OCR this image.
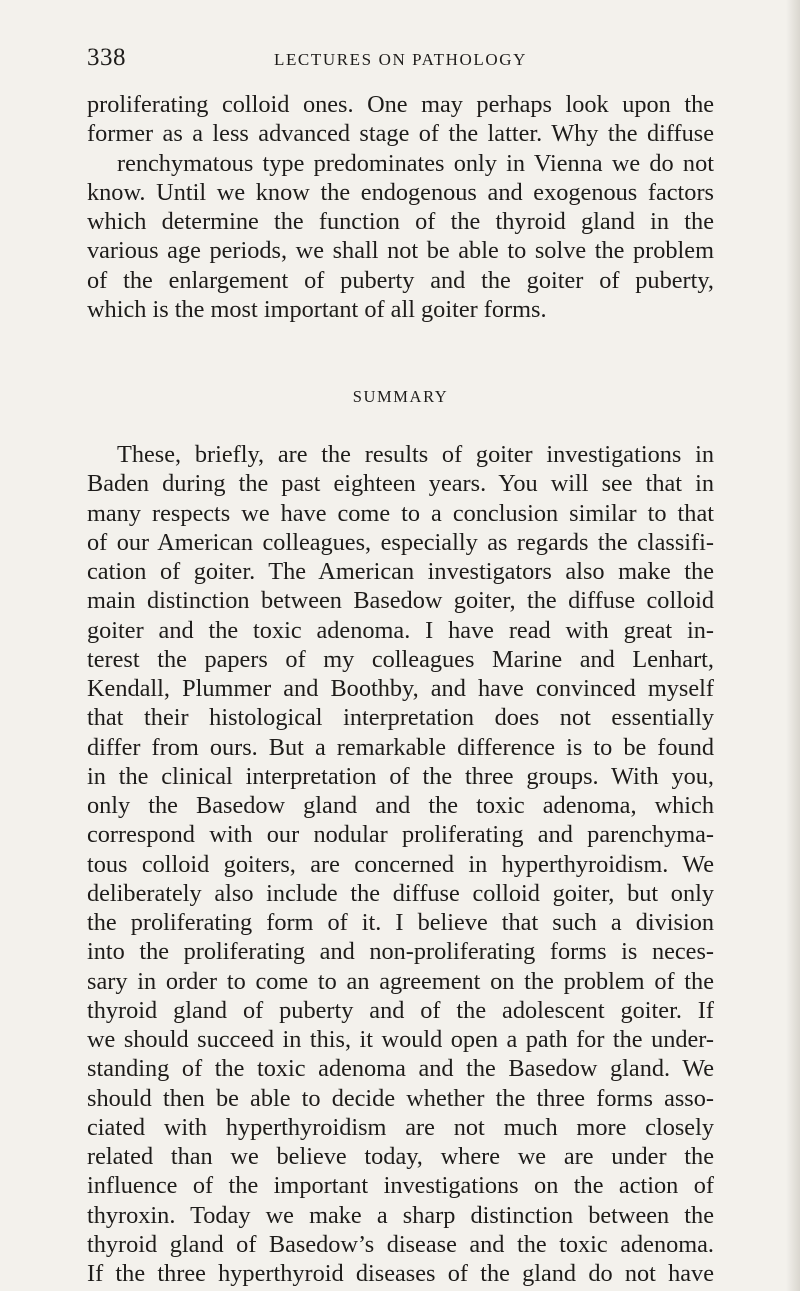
338	LECTURES ON PATHOLOGY
proliferating colloid ones. One may perhaps look upon the
former as a less advanced stage of the latter. Why the diffuse
renchymatous type predominates only in Vienna we do not
know. Until we know the endogenous and exogenous factors
which determine the function of the thyroid gland in the
various age periods, we shall not be able to solve the problem
of the enlargement of puberty and the goiter of puberty,
which is the most important of all goiter forms.
SUMMARY
These, briefly, are the results of goiter investigations in
Baden during the past eighteen years. You will see that in
many respects we have come to a conclusion similar to that
of our American colleagues, especially as regards the classifi-
cation of goiter. The American investigators also make the
main distinction between Basedow goiter, the diffuse colloid
goiter and the toxic adenoma. I have read with great in-
terest the papers of my colleagues Marine and Lenhart,
Kendall, Plummer and Boothby, and have convinced myself
that their histological interpretation does not essentially
differ from ours. But a remarkable difference is to be found
in the clinical interpretation of the three groups. With you,
only the Basedow gland and the toxic adenoma, which
correspond with our nodular proliferating and parenchyma-
tous colloid goiters, are concerned in hyperthyroidism. We
deliberately also include the diffuse colloid goiter, but only
the proliferating form of it. I believe that such a division
into the proliferating and non-proliferating forms is neces-
sary in order to come to an agreement on the problem of the
thyroid gland of puberty and of the adolescent goiter. If
we should succeed in this, it would open a path for the under-
standing of the toxic adenoma and the Basedow gland. We
should then be able to decide whether the three forms asso-
ciated with hyperthyroidism are not much more closely
related than we believe today, where we are under the
influence of the important investigations on the action of
thyroxin. Today we make a sharp distinction between the
thyroid gland of Basedow’s disease and the toxic adenoma.
If the three hyperthyroid diseases of the gland do not have
